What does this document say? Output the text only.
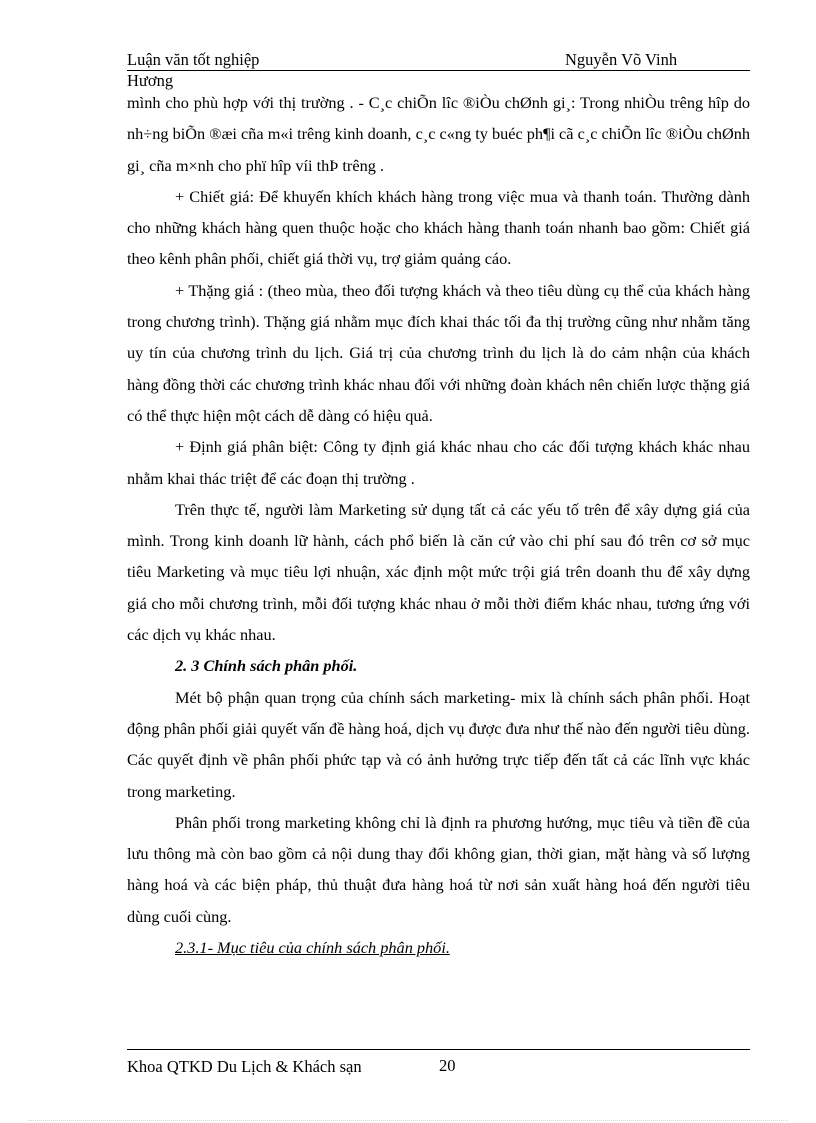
Luận văn tốt nghiệp	Nguyễn Võ Vinh
Hương

mình cho phù hợp với thị trường . - C¸c chiÕn lîc ®iÒu chØnh gi¸: Trong nhiÒu trêng hîp do nh÷ng biÕn ®æi cña m«i trêng kinh doanh, c¸c c«ng ty buéc ph¶i cã c¸c chiÕn lîc ®iÒu chØnh gi¸ cña m×nh cho phï hîp víi thÞ trêng .

+ Chiết giá: Để khuyến khích khách hàng trong việc mua và thanh toán. Thường dành cho những khách hàng quen thuộc hoặc cho khách hàng thanh toán nhanh bao gồm: Chiết giá theo kênh phân phối, chiết giá thời vụ, trợ giảm quảng cáo.

+ Thặng giá : (theo mùa, theo đối tượng khách và theo tiêu dùng cụ thể của khách hàng trong chương trình). Thặng giá nhằm mục đích khai thác tối đa thị trường cũng như nhằm tăng uy tín của chương trình du lịch. Giá trị của chương trình du lịch là do cảm nhận của khách hàng đồng thời các chương trình khác nhau đối với những đoàn khách nên chiến lược thặng giá có thể thực hiện một cách dễ dàng có hiệu quả.

+ Định giá phân biệt: Công ty định giá khác nhau cho các đối tượng khách khác nhau nhằm khai thác triệt để các đoạn thị trường .

Trên thực tế, người làm Marketing sử dụng tất cả các yếu tố trên để xây dựng giá của mình. Trong kinh doanh lữ hành, cách phổ biến là căn cứ vào chi phí sau đó trên cơ sở mục tiêu Marketing và mục tiêu lợi nhuận, xác định một mức trội giá trên doanh thu để xây dựng giá cho mỗi chương trình, mỗi đối tượng khác nhau ở mỗi thời điểm khác nhau, tương ứng với các dịch vụ khác nhau.

2. 3 Chính sách phân phối.

Mét bộ phận quan trọng của chính sách marketing- mix là chính sách phân phối. Hoạt động phân phối giải quyết vấn đề hàng hoá, dịch vụ được đưa như thế nào đến người tiêu dùng. Các quyết định về phân phối phức tạp và có ảnh hưởng trực tiếp đến tất cả các lĩnh vực khác trong marketing.

Phân phối trong marketing không chỉ là định ra phương hướng, mục tiêu và tiền đề của lưu thông mà còn bao gồm cả nội dung thay đổi không gian, thời gian, mặt hàng và số lượng hàng hoá và các biện pháp, thủ thuật đưa hàng hoá từ nơi sản xuất hàng hoá đến người tiêu dùng cuối cùng.

2.3.1- Mục tiêu của chính sách phân phối.

Khoa QTKD Du Lịch & Khách sạn	20
